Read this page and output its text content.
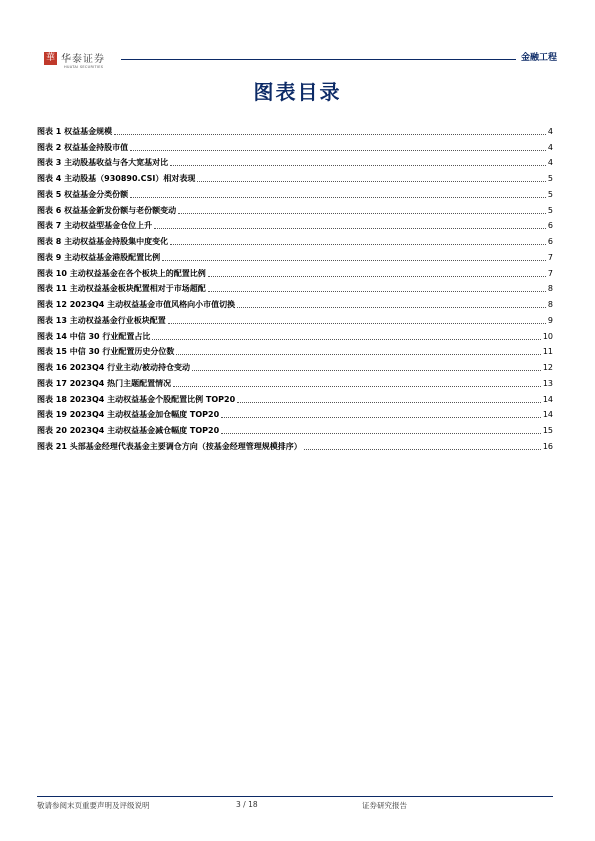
華 华泰证券
HUATAI SECURITIES
金融工程
图表目录
图表 1 权益基金规模	4
图表 2 权益基金持股市值	4
图表 3 主动股基收益与各大宽基对比	4
图表 4 主动股基（930890.CSI）相对表现	5
图表 5 权益基金分类份额	5
图表 6 权益基金新发份额与老份额变动	5
图表 7 主动权益型基金仓位上升	6
图表 8 主动权益基金持股集中度变化	6
图表 9 主动权益基金港股配置比例	7
图表 10 主动权益基金在各个板块上的配置比例	7
图表 11 主动权益基金板块配置相对于市场超配	8
图表 12 2023Q4 主动权益基金市值风格向小市值切换	8
图表 13 主动权益基金行业板块配置	9
图表 14 中信 30 行业配置占比	10
图表 15 中信 30 行业配置历史分位数	11
图表 16 2023Q4 行业主动/被动持仓变动	12
图表 17 2023Q4 热门主题配置情况	13
图表 18 2023Q4 主动权益基金个股配置比例 TOP20	14
图表 19 2023Q4 主动权益基金加仓幅度 TOP20	14
图表 20 2023Q4 主动权益基金减仓幅度 TOP20	15
图表 21 头部基金经理代表基金主要调仓方向（按基金经理管理规模排序）	16
敬请参阅末页重要声明及评级说明	3 / 18	证券研究报告
